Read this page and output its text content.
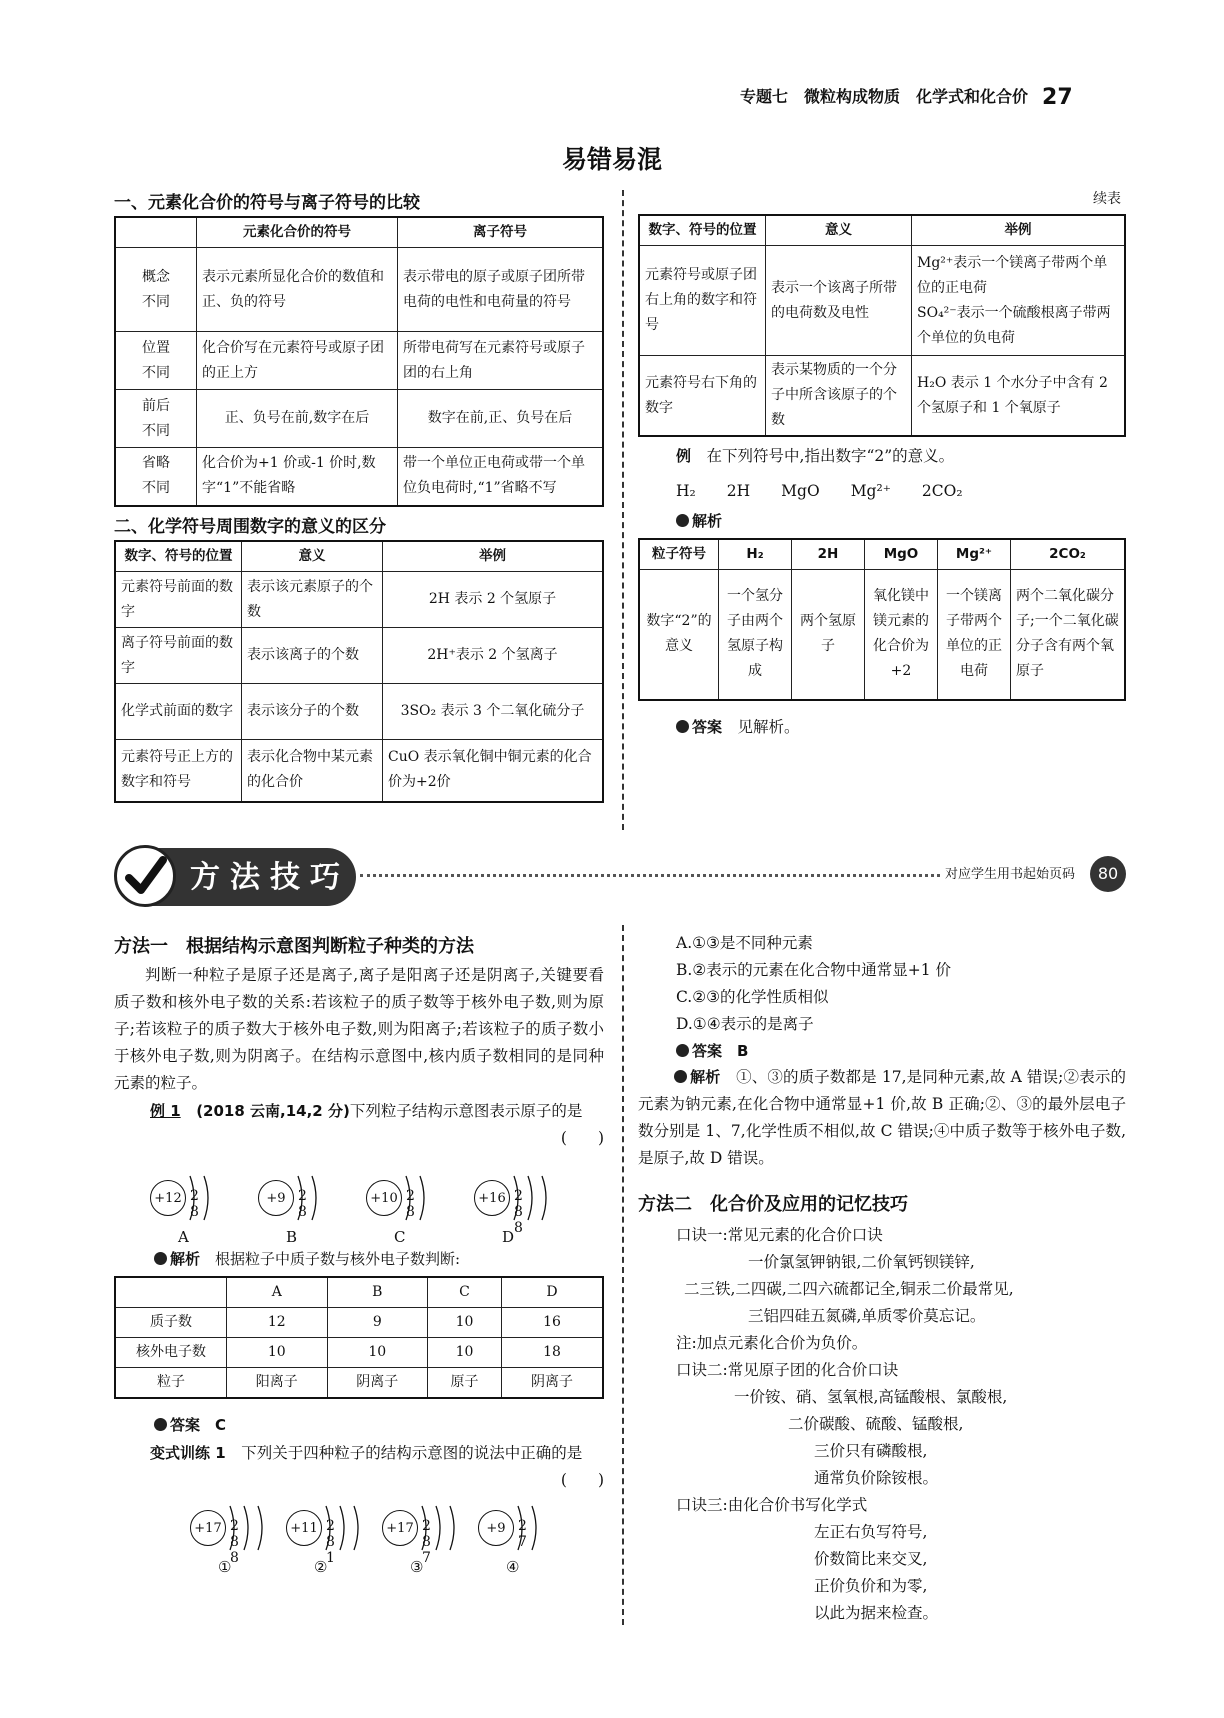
专题七　微粒构成物质　化学式和化合价 27
易错易混
一、元素化合价的符号与离子符号的比较
	元素化合价的符号	离子符号
概念
不同	表示元素所显化合价的数值和正、负的符号	表示带电的原子或原子团所带电荷的电性和电荷量的符号
位置
不同	化合价写在元素符号或原子团的正上方	所带电荷写在元素符号或原子团的右上角
前后
不同	正、负号在前,数字在后	数字在前,正、负号在后
省略
不同	化合价为+1 价或-1 价时,数字“1”不能省略	带一个单位正电荷或带一个单位负电荷时,“1”省略不写
二、化学符号周围数字的意义的区分
数字、符号的位置	意义	举例
元素符号前面的数字	表示该元素原子的个数	2H 表示 2 个氢原子
离子符号前面的数字	表示该离子的个数	2H⁺表示 2 个氢离子
化学式前面的数字	表示该分子的个数	3SO₂ 表示 3 个二氧化硫分子
元素符号正上方的数字和符号	表示化合物中某元素的化合价	CuO 表示氧化铜中铜元素的化合价为+2价
续表
数字、符号的位置	意义	举例
元素符号或原子团右上角的数字和符号	表示一个该离子所带的电荷数及电性	Mg²⁺表示一个镁离子带两个单位的正电荷
SO₄²⁻表示一个硫酸根离子带两个单位的负电荷
元素符号右下角的数字	表示某物质的一个分子中所含该原子的个数	H₂O 表示 1 个水分子中含有 2 个氢原子和 1 个氧原子
例　 在下列符号中,指出数字“2”的意义。
H₂　　 2H　　 MgO　　 Mg²⁺　　 2CO₂
解析
粒子符号	H₂	2H	MgO	Mg²⁺	2CO₂
数字“2”的意义	一个氢分子由两个氢原子构成	两个氢原子	氧化镁中镁元素的化合价为+2	一个镁离子带两个单位的正电荷	两个二氧化碳分子;一个二氧化碳分子含有两个氧原子
答案　 见解析。
方法技巧	对应学生用书起始页码	80
方法一　根据结构示意图判断粒子种类的方法

判断一种粒子是原子还是离子,离子是阳离子还是阴离子,关键要看质子数和核外电子数的关系:若该粒子的质子数等于核外电子数,则为原子;若该粒子的质子数大于核外电子数,则为阳离子;若该粒子的质子数小于核外电子数,则为阴离子。在结构示意图中,核内质子数相同的是同种元素的粒子。

例 1　 (2018 云南,14,2 分)下列粒子结构示意图表示原子的是
(　　)
+12 2 8
A
+9 2 8
B
+10 2 8
C
+16 2 8 8
D
解析　 根据粒子中质子数与核外电子数判断:
	A	B	C	D
质子数	12	9	10	16
核外电子数	10	10	10	18
粒子	阳离子	阴离子	原子	阴离子
答案　 C
变式训练 1　 下列关于四种粒子的结构示意图的说法中正确的是
(　　)
+17 2 8 8
①
+11 2 8 1
②
+17 2 8 7
③
+9 2 7
④

A.①③是不同种元素

B.②表示的元素在化合物中通常显+1 价

C.②③的化学性质相似

D.①④表示的是离子

答案　 B

解析　 ①、③的质子数都是 17,是同种元素,故 A 错误;②表示的元素为钠元素,在化合物中通常显+1 价,故 B 正确;②、③的最外层电子数分别是 1、7,化学性质不相似,故 C 错误;④中质子数等于核外电子数,是原子,故 D 错误。

方法二　化合价及应用的记忆技巧

口诀一:常见元素的化合价口诀

一价氯氢钾钠银,二价氧钙钡镁锌,

二三铁,二四碳,二四六硫都记全,铜汞二价最常见,

三铝四硅五氮磷,单质零价莫忘记。

注:加点元素化合价为负价。

口诀二:常见原子团的化合价口诀

一价铵、硝、氢氧根,高锰酸根、氯酸根,

二价碳酸、硫酸、锰酸根,

三价只有磷酸根,

通常负价除铵根。

口诀三:由化合价书写化学式

左正右负写符号,

价数简比来交叉,

正价负价和为零,

以此为据来检查。
